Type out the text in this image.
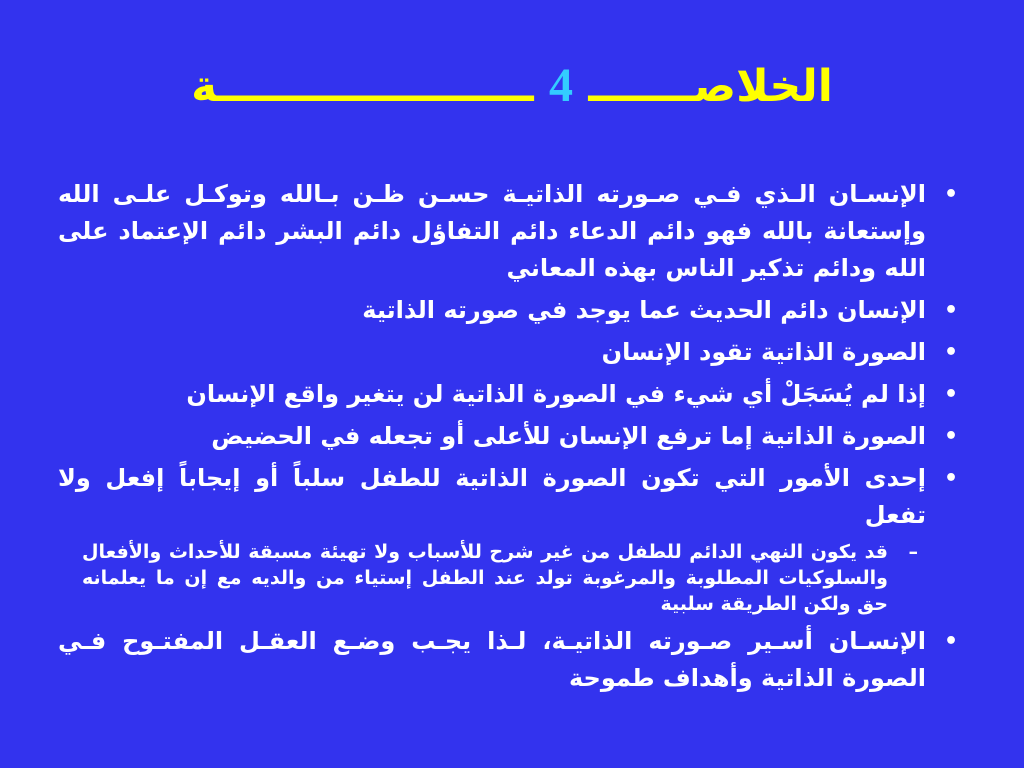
الخلاصـــــــ 4 ـــــــــــــــــــــة
•
الإنسـان الـذي فـي صـورته الذاتيـة حسـن ظـن بـالله وتوكـل علـى الله وإستعانة بالله فهو دائم الدعاء دائم التفاؤل دائم البشر دائم الإعتماد على الله ودائم تذكير الناس بهذه المعاني
•
الإنسان دائم الحديث عما يوجد في صورته الذاتية
•
الصورة الذاتية تقود الإنسان
•
إذا لم يُسَجَلْ أي شيء في الصورة الذاتية لن يتغير واقع الإنسان
•
الصورة الذاتية إما ترفع الإنسان للأعلى أو تجعله في الحضيض
•
إحدى الأمور التي تكون الصورة الذاتية للطفل سلباً أو إيجاباً إفعل ولا تفعل
–
قد يكون النهي الدائم للطفل من غير شرح للأسباب ولا تهيئة مسبقة للأحداث والأفعال والسلوكيات المطلوبة والمرغوبة تولد عند الطفل إستياء من والديه مع إن ما يعلمانه حق ولكن الطريقة سلبية
•
الإنسـان أسـير صـورته الذاتيـة، لـذا يجـب وضـع العقـل المفتـوح فـي الصورة الذاتية وأهداف طموحة
